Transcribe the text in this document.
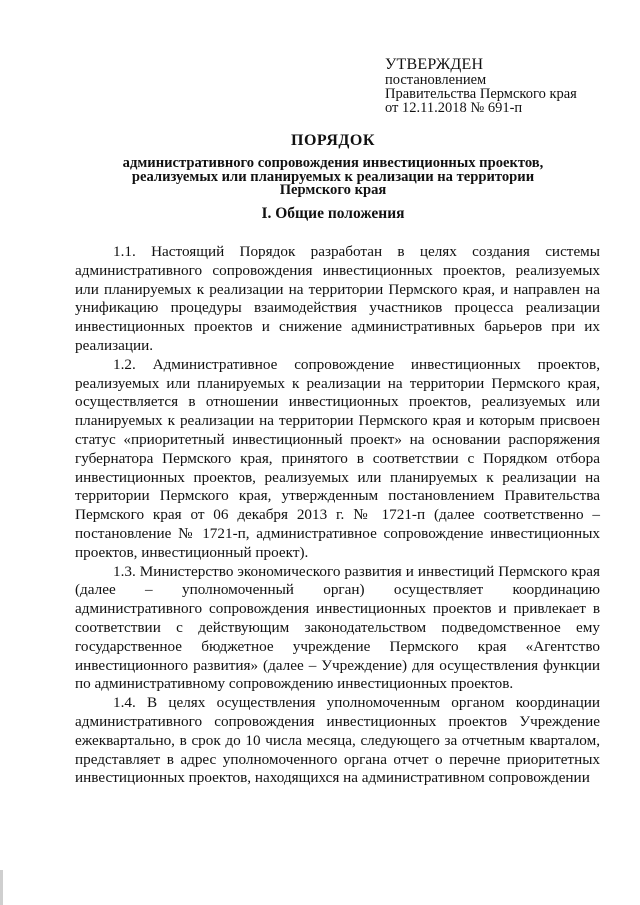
УТВЕРЖДЕН
постановлением
Правительства Пермского края
от 12.11.2018 № 691-п
ПОРЯДОК
административного сопровождения инвестиционных проектов,
реализуемых или планируемых к реализации на территории
Пермского края
I. Общие положения

1.1. Настоящий Порядок разработан в целях создания системы административного сопровождения инвестиционных проектов, реализуемых или планируемых к реализации на территории Пермского края, и направлен на унификацию процедуры взаимодействия участников процесса реализации инвестиционных проектов и снижение административных барьеров при их реализации.

1.2. Административное сопровождение инвестиционных проектов, реализуемых или планируемых к реализации на территории Пермского края, осуществляется в отношении инвестиционных проектов, реализуемых или планируемых к реализации на территории Пермского края и которым присвоен статус «приоритетный инвестиционный проект» на основании распоряжения губернатора Пермского края, принятого в соответствии с Порядком отбора инвестиционных проектов, реализуемых или планируемых к реализации на территории Пермского края, утвержденным постановлением Правительства Пермского края от 06 декабря 2013 г. № 1721-п (далее соответственно – постановление № 1721-п, административное сопровождение инвестиционных проектов, инвестиционный проект).

1.3. Министерство экономического развития и инвестиций Пермского края (далее – уполномоченный орган) осуществляет координацию административного сопровождения инвестиционных проектов и привлекает в соответствии с действующим законодательством подведомственное ему государственное бюджетное учреждение Пермского края «Агентство инвестиционного развития» (далее – Учреждение) для осуществления функции по административному сопровождению инвестиционных проектов.

1.4. В целях осуществления уполномоченным органом координации административного сопровождения инвестиционных проектов Учреждение ежеквартально, в срок до 10 числа месяца, следующего за отчетным кварталом, представляет в адрес уполномоченного органа отчет о перечне приоритетных инвестиционных проектов, находящихся на административном сопровождении
